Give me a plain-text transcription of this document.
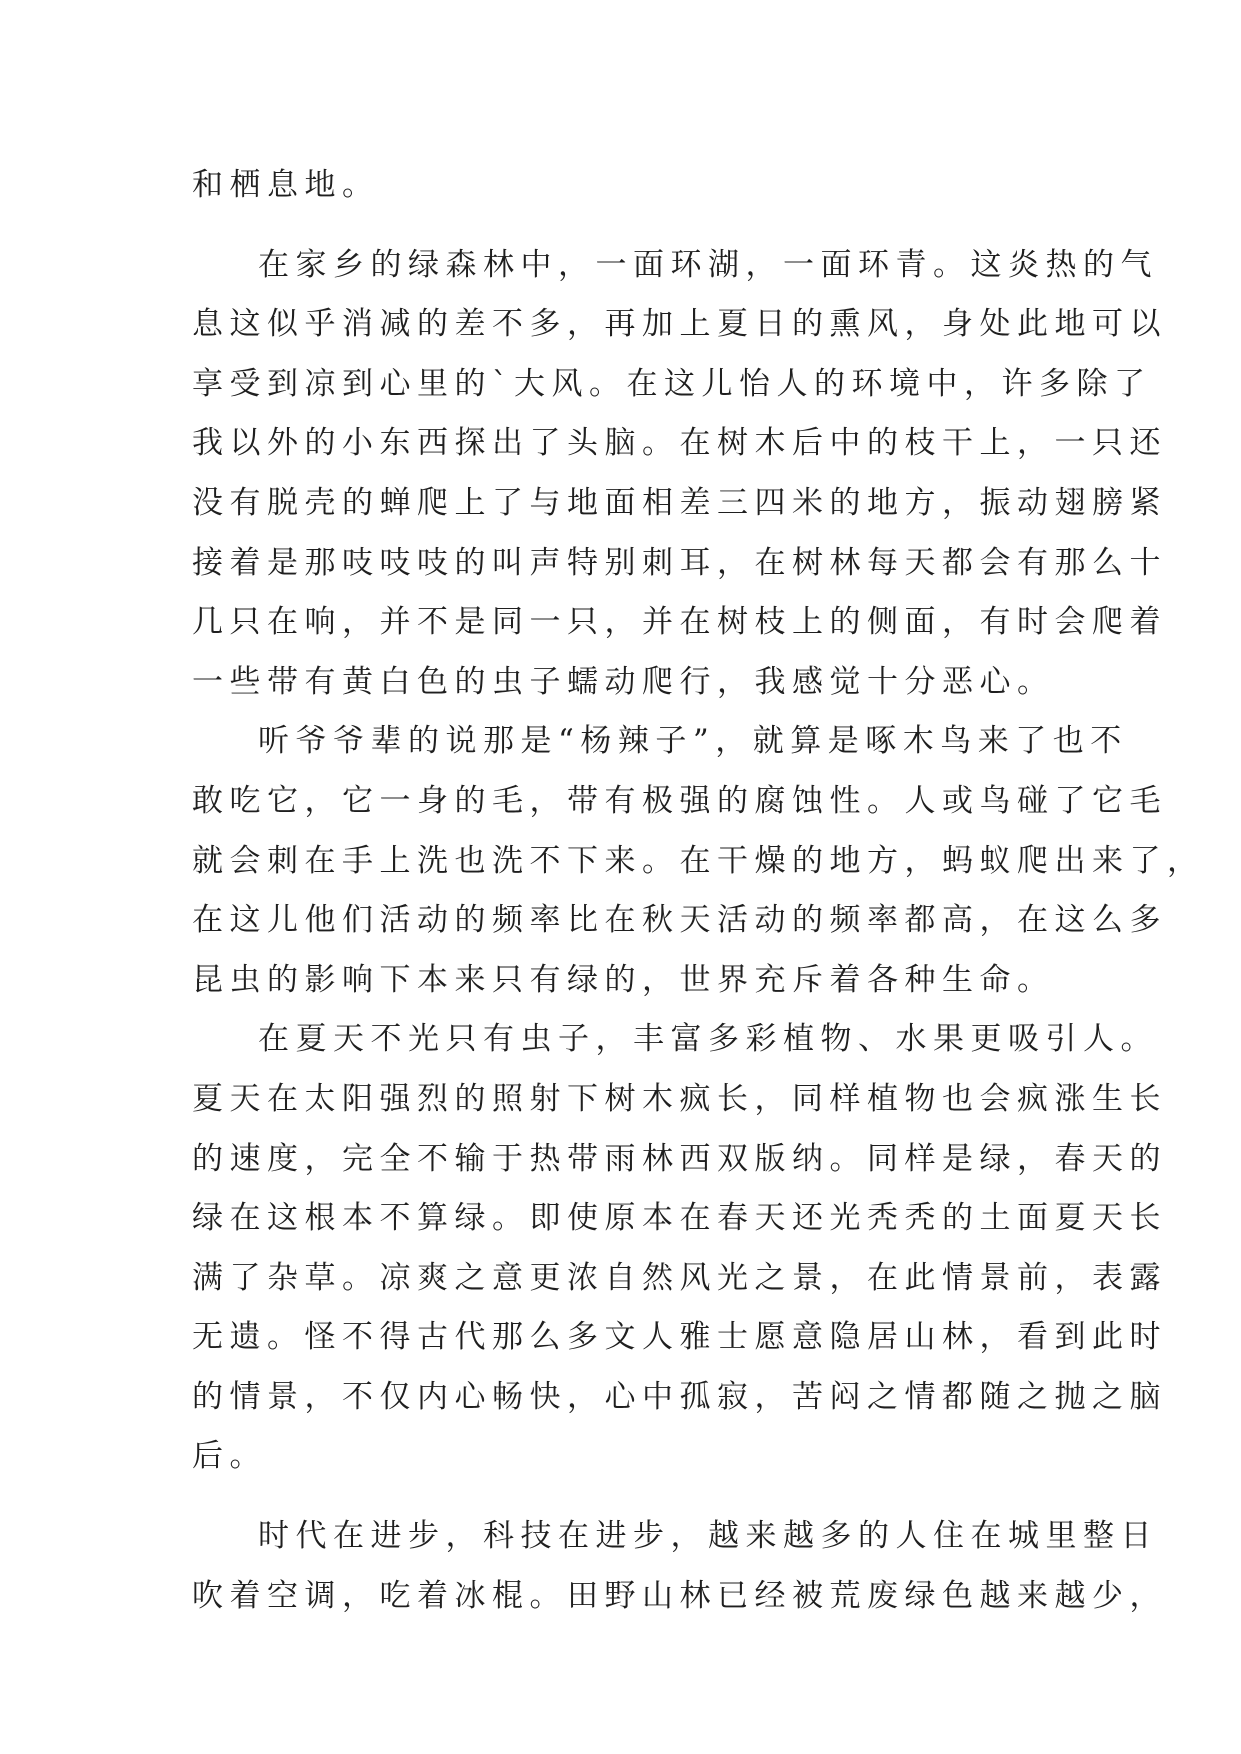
和栖息地。
在家乡的绿森林中，一面环湖，一面环青。这炎热的气
息这似乎消减的差不多，再加上夏日的熏风，身处此地可以
享受到凉到心里的`大风。在这儿怡人的环境中，许多除了
我以外的小东西探出了头脑。在树木后中的枝干上，一只还
没有脱壳的蝉爬上了与地面相差三四米的地方，振动翅膀紧
接着是那吱吱吱的叫声特别刺耳，在树林每天都会有那么十
几只在响，并不是同一只，并在树枝上的侧面，有时会爬着
一些带有黄白色的虫子蠕动爬行，我感觉十分恶心。
听爷爷辈的说那是“杨辣子”，就算是啄木鸟来了也不
敢吃它，它一身的毛，带有极强的腐蚀性。人或鸟碰了它毛
就会刺在手上洗也洗不下来。在干燥的地方，蚂蚁爬出来了，
在这儿他们活动的频率比在秋天活动的频率都高，在这么多
昆虫的影响下本来只有绿的，世界充斥着各种生命。
在夏天不光只有虫子，丰富多彩植物、水果更吸引人。
夏天在太阳强烈的照射下树木疯长，同样植物也会疯涨生长
的速度，完全不输于热带雨林西双版纳。同样是绿，春天的
绿在这根本不算绿。即使原本在春天还光秃秃的土面夏天长
满了杂草。凉爽之意更浓自然风光之景，在此情景前，表露
无遗。怪不得古代那么多文人雅士愿意隐居山林，看到此时
的情景，不仅内心畅快，心中孤寂，苦闷之情都随之抛之脑
后。
时代在进步，科技在进步，越来越多的人住在城里整日
吹着空调，吃着冰棍。田野山林已经被荒废绿色越来越少，
